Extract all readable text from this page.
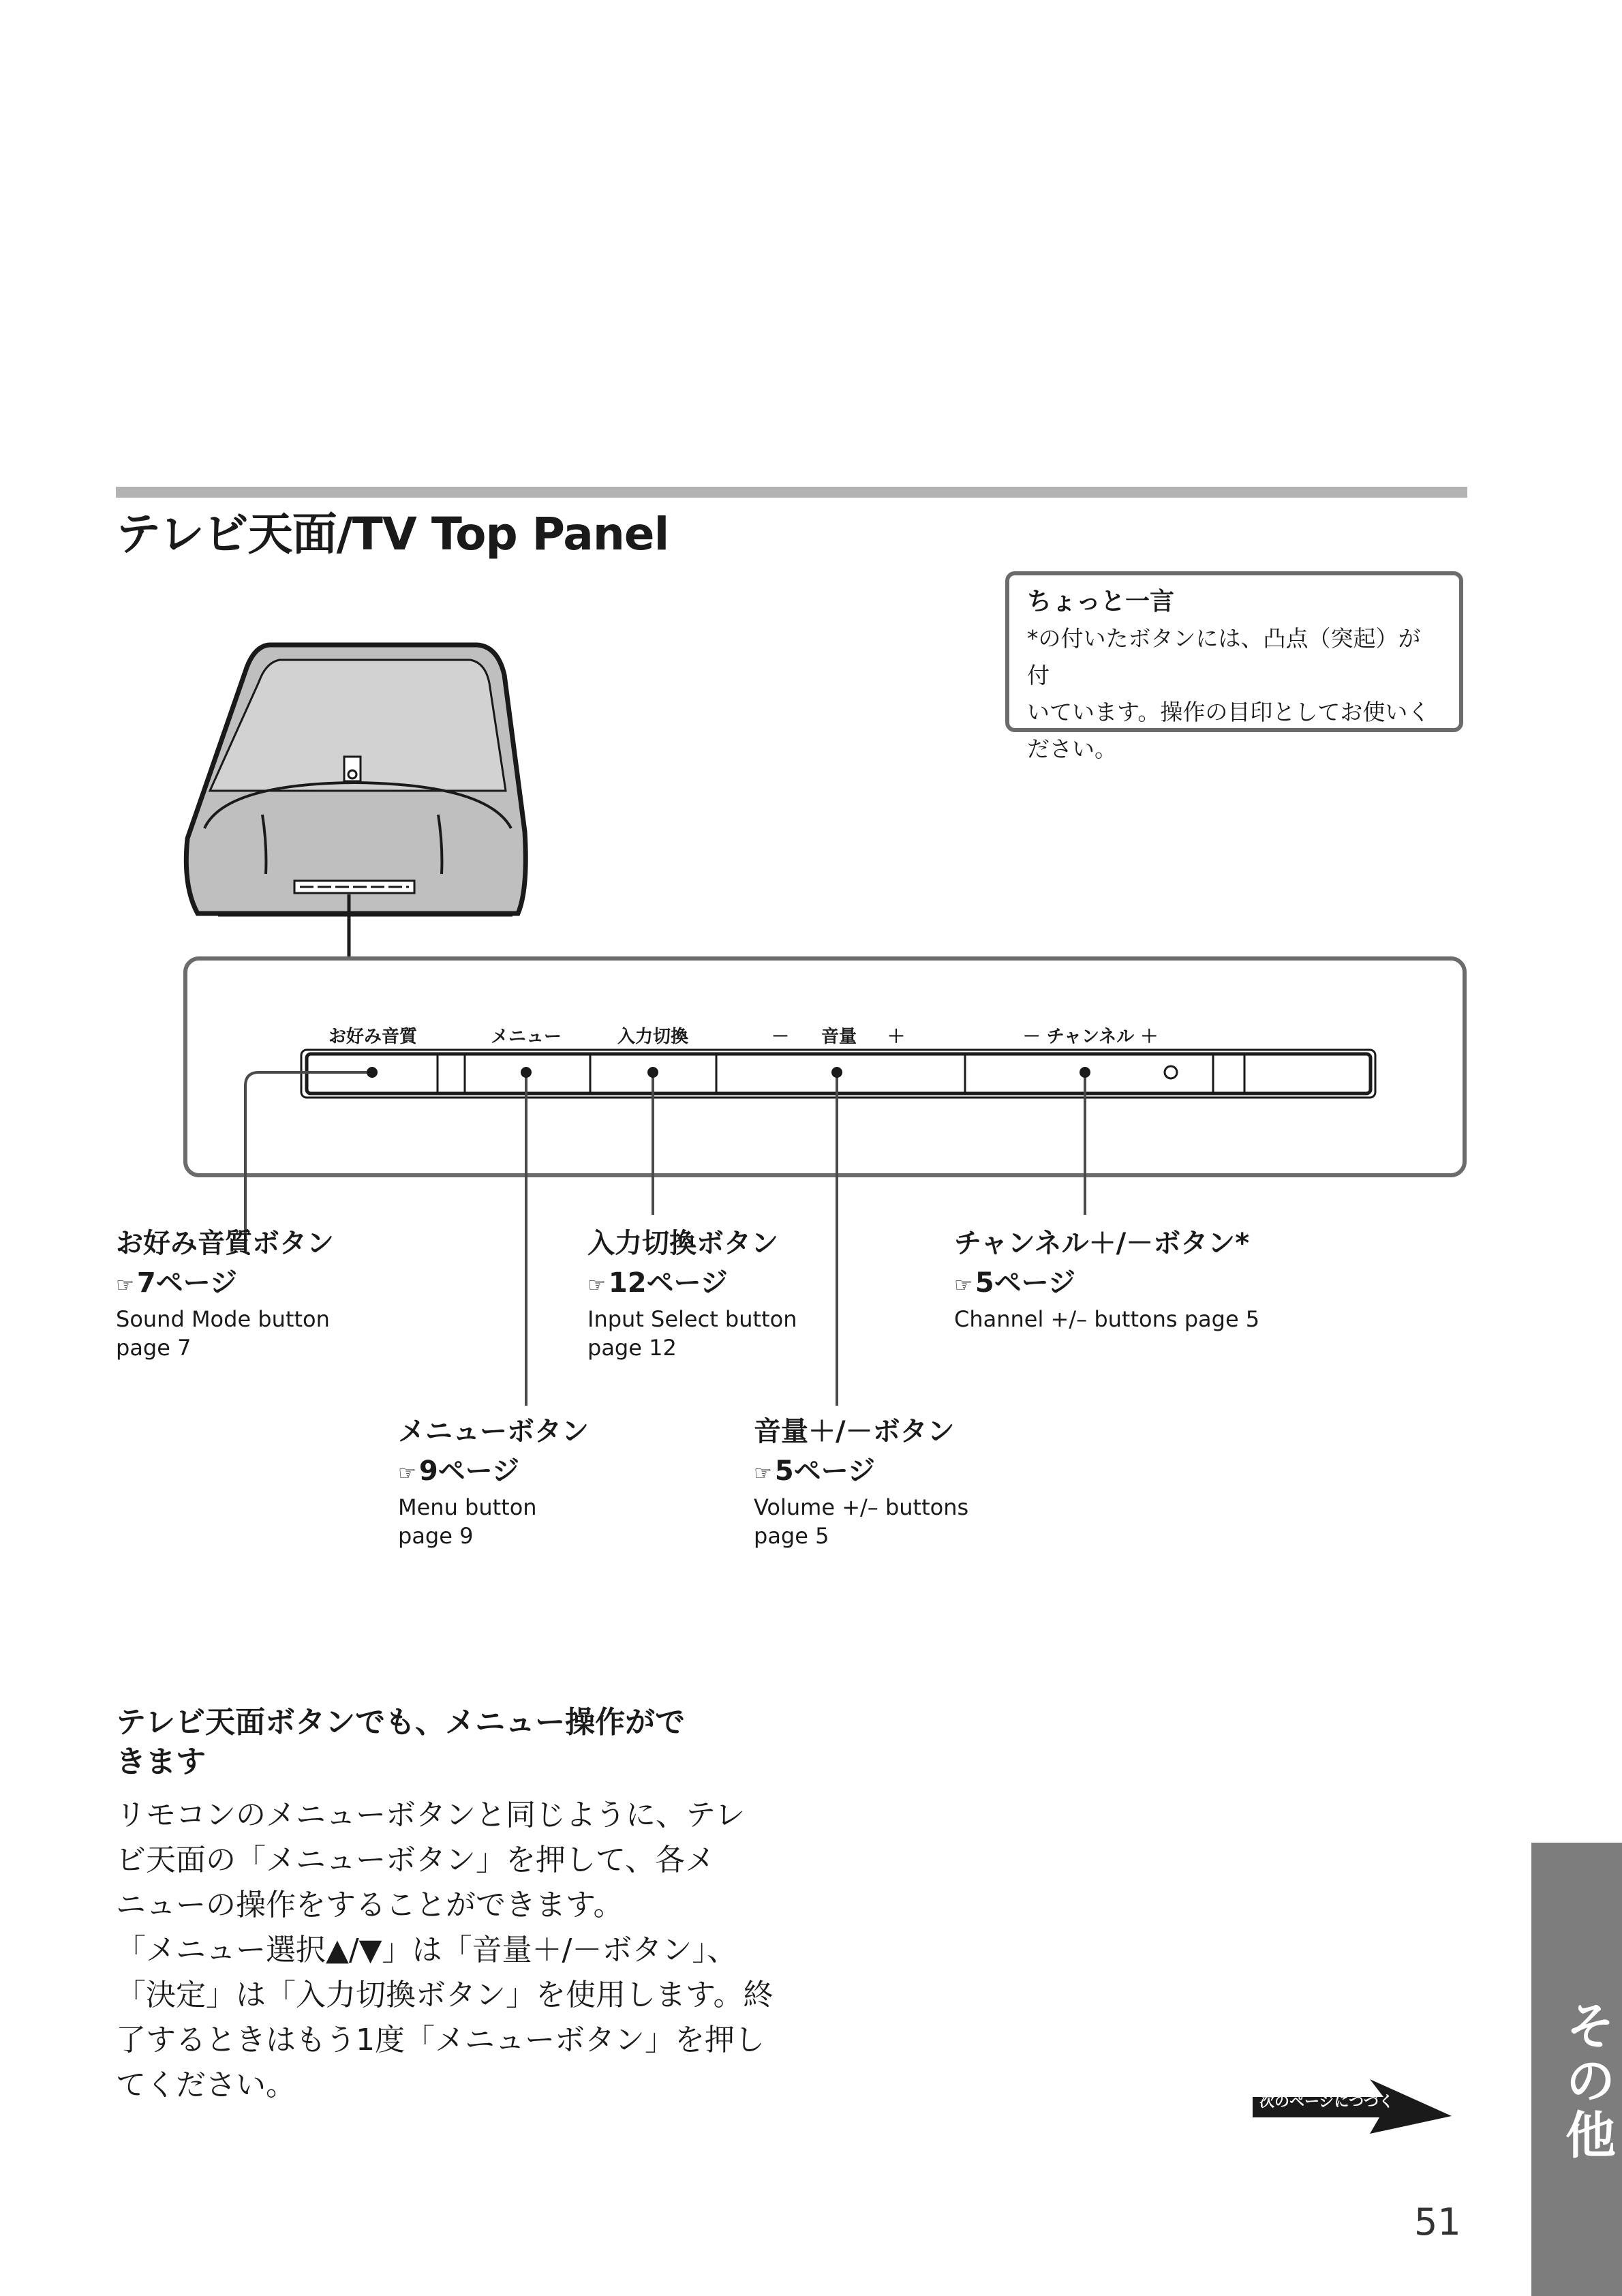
テレビ天面/TV Top Panel
ちょっと一言
*の付いたボタンには、凸点（突起）が付
いています。操作の目印としてお使いく
ださい。
お好み音質	メニュー	入力切換	－	音量	＋	－ チャンネル ＋
お好み音質ボタン
☞ 7ページ
Sound Mode button
page 7
入力切換ボタン
☞ 12ページ
Input Select button
page 12
チャンネル＋/－ボタン*
☞ 5ページ
Channel +/– buttons page 5
メニューボタン
☞ 9ページ
Menu button
page 9
音量＋/－ボタン
☞ 5ページ
Volume +/– buttons
page 5
テレビ天面ボタンでも、メニュー操作がで
きます

リモコンのメニューボタンと同じように、テレ

ビ天面の「メニューボタン」を押して、各メ

ニューの操作をすることができます。

「メニュー選択▲/▼」は「音量＋/－ボタン」、

「決定」は「入力切換ボタン」を使用します。終

了するときはもう1度「メニューボタン」を押し

てください。	その他
次のページにつづく
51
